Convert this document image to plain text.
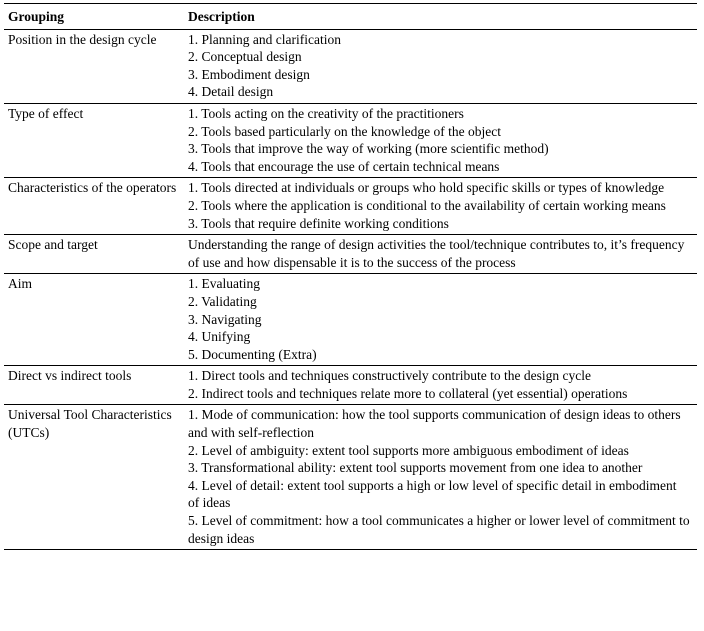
Grouping	Description
Position in the design cycle	1. Planning and clarification
2. Conceptual design
3. Embodiment design
4. Detail design
Type of effect	1. Tools acting on the creativity of the practitioners
2. Tools based particularly on the knowledge of the object
3. Tools that improve the way of working (more scientific method)
4. Tools that encourage the use of certain technical means
Characteristics of the operators 1. Tools directed at individuals or groups who hold specific skills or types of knowledge
2. Tools where the application is conditional to the availability of certain working means
3. Tools that require definite working conditions
Scope and target	Understanding the range of design activities the tool/technique contributes to, it’s frequency of use and how dispensable it is to the success of the process
Aim	1. Evaluating
2. Validating
3. Navigating
4. Unifying
5. Documenting (Extra)
Direct vs indirect tools	1. Direct tools and techniques constructively contribute to the design cycle
2. Indirect tools and techniques relate more to collateral (yet essential) operations
Universal Tool Characteristics (UTCs)
1. Mode of communication: how the tool supports communication of design ideas to others and with self-reflection
2. Level of ambiguity: extent tool supports more ambiguous embodiment of ideas
3. Transformational ability: extent tool supports movement from one idea to another
4. Level of detail: extent tool supports a high or low level of specific detail in embodiment of ideas
5. Level of commitment: how a tool communicates a higher or lower level of commitment to design ideas
